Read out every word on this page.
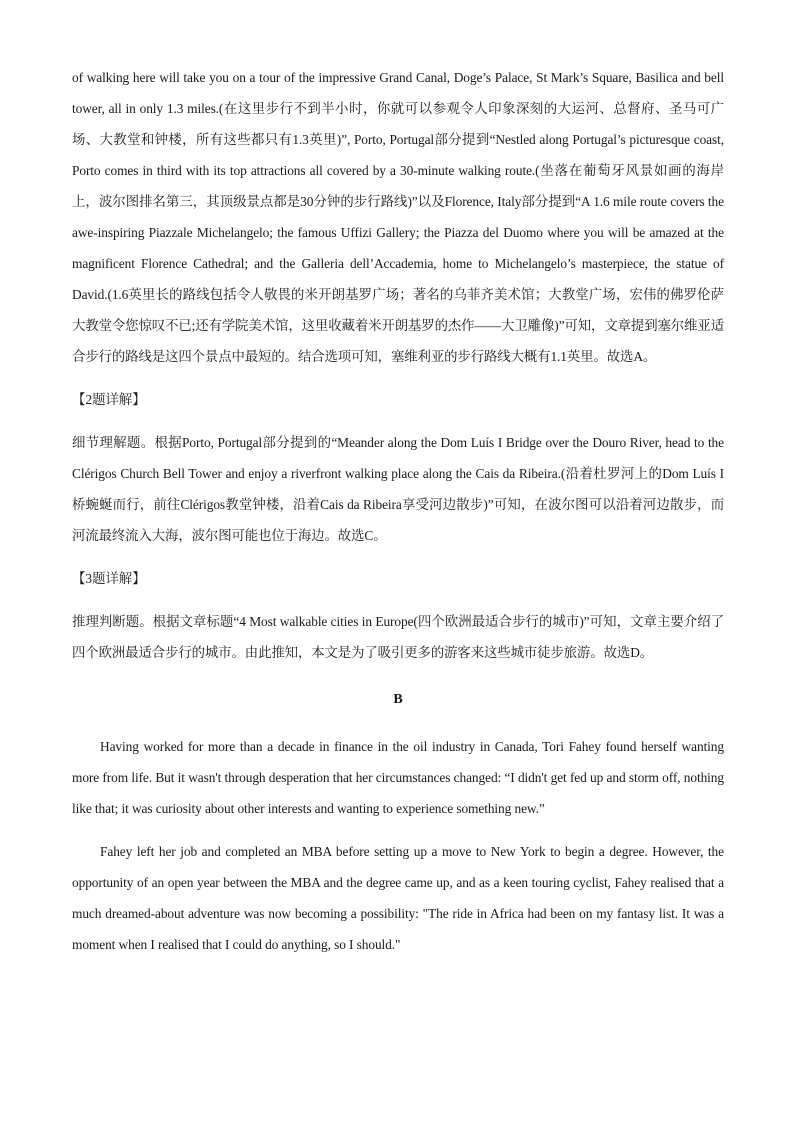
of walking here will take you on a tour of the impressive Grand Canal, Doge’s Palace, St Mark’s Square, Basilica and bell tower, all in only 1.3 miles.(在这里步行不到半小时，你就可以参观令人印象深刻的大运河、总督府、圣马可广场、大教堂和钟楼，所有这些都只有1.3英里)”, Porto, Portugal部分提到“Nestled along Portugal’s picturesque coast, Porto comes in third with its top attractions all covered by a 30-minute walking route.(坐落在葡萄牙风景如画的海岸上，波尔图排名第三，其顶级景点都是30分钟的步行路线)”以及Florence, Italy部分提到“A 1.6 mile route covers the awe-inspiring Piazzale Michelangelo; the famous Uffizi Gallery; the Piazza del Duomo where you will be amazed at the magnificent Florence Cathedral; and the Galleria dell’Accademia, home to Michelangelo’s masterpiece, the statue of David.(1.6英里长的路线包括令人敬畏的米开朗基罗广场；著名的乌菲齐美术馆；大教堂广场，宏伟的佛罗伦萨大教堂令您惊叹不已;还有学院美术馆，这里收藏着米开朗基罗的杰作——大卫雕像)”可知，文章提到塞尔维亚适合步行的路线是这四个景点中最短的。结合选项可知，塞维利亚的步行路线大概有1.1英里。故选A。

【2题详解】

细节理解题。根据Porto, Portugal部分提到的“Meander along the Dom Luís I Bridge over the Douro River, head to the Clérigos Church Bell Tower and enjoy a riverfront walking place along the Cais da Ribeira.(沿着杜罗河上的Dom Luís I桥蜿蜒而行，前往Clérigos教堂钟楼，沿着Cais da Ribeira享受河边散步)”可知，在波尔图可以沿着河边散步，而河流最终流入大海，波尔图可能也位于海边。故选C。

【3题详解】

推理判断题。根据文章标题“4 Most walkable cities in Europe(四个欧洲最适合步行的城市)”可知，文章主要介绍了四个欧洲最适合步行的城市。由此推知，本文是为了吸引更多的游客来这些城市徒步旅游。故选D。

B

Having worked for more than a decade in finance in the oil industry in Canada, Tori Fahey found herself wanting more from life. But it wasn't through desperation that her circumstances changed: “I didn't get fed up and storm off, nothing like that; it was curiosity about other interests and wanting to experience something new.”

Fahey left her job and completed an MBA before setting up a move to New York to begin a degree. However, the opportunity of an open year between the MBA and the degree came up, and as a keen touring cyclist, Fahey realised that a much dreamed-about adventure was now becoming a possibility: "The ride in Africa had been on my fantasy list. It was a moment when I realised that I could do anything, so I should."
